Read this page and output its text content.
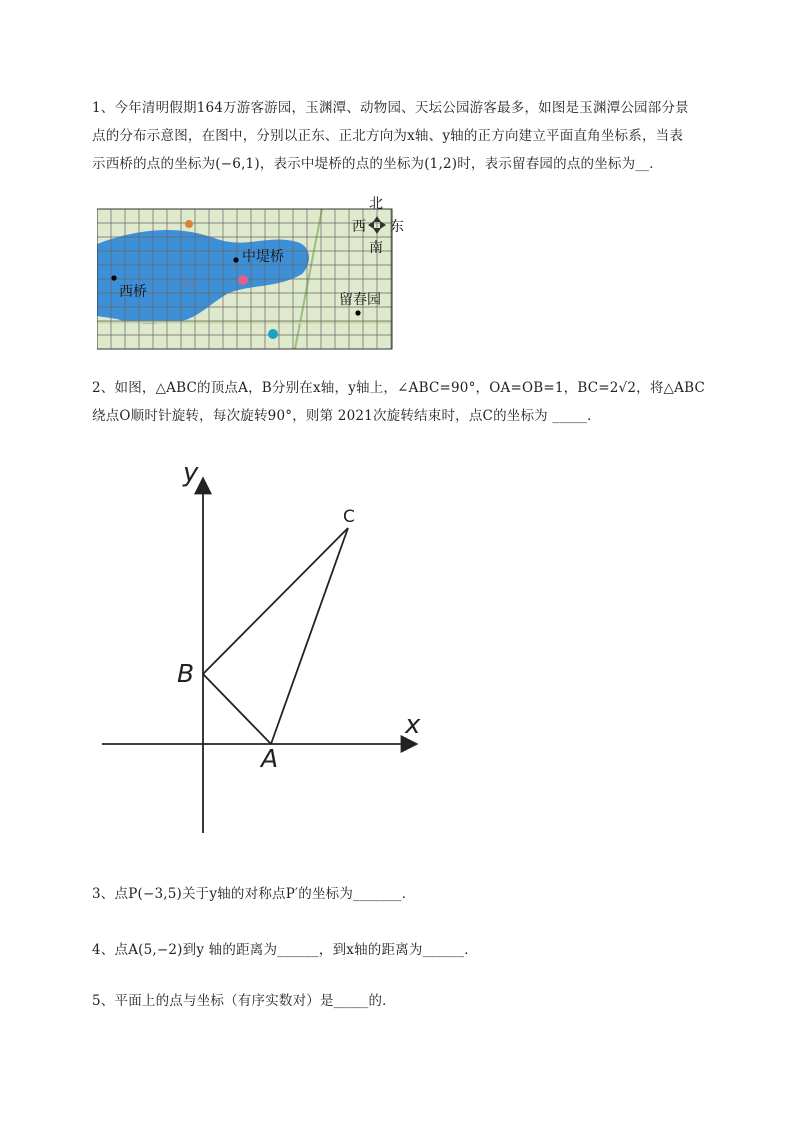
1、今年清明假期164万游客游园，玉渊潭、动物园、天坛公园游客最多，如图是玉渊潭公园部分景
点的分布示意图，在图中，分别以正东、正北方向为x轴、y轴的正方向建立平面直角坐标系，当表
示西桥的点的坐标为(−6,1)，表示中堤桥的点的坐标为(1,2)时，表示留春园的点的坐标为__．
北
西 东
南
西桥
中堤桥
留春园
西湖
2、如图，△ABC的顶点A，B分别在x轴，y轴上，∠ABC=90°，OA=OB=1，BC=2√2，将△ABC
绕点O顺时针旋转，每次旋转90°，则第 2021次旋转结束时，点C的坐标为 _____．
y
x
B
A
C
3、点P(−3,5)关于y轴的对称点P′的坐标为_______．
4、点A(5,−2)到y 轴的距离为______，到x轴的距离为______．
5、平面上的点与坐标（有序实数对）是_____的．
